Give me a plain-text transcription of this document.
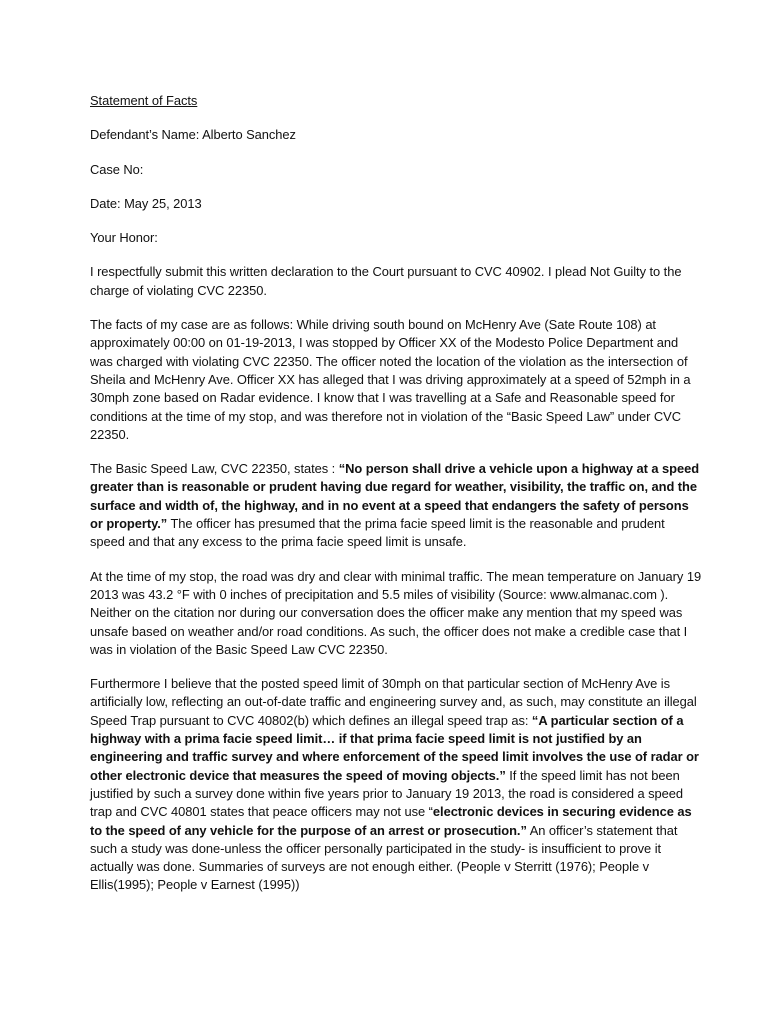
Statement of Facts
Defendant’s Name: Alberto Sanchez
Case No:
Date: May 25, 2013
Your Honor:

I respectfully submit this written declaration to the Court pursuant to CVC 40902. I plead Not Guilty to the charge of violating CVC 22350.

The facts of my case are as follows: While driving south bound on McHenry Ave (Sate Route 108) at approximately 00:00 on 01-19-2013, I was stopped by Officer XX of the Modesto Police Department and was charged with violating CVC 22350. The officer noted the location of the violation as the intersection of Sheila and McHenry Ave. Officer XX has alleged that I was driving approximately at a speed of 52mph in a 30mph zone based on Radar evidence. I know that I was travelling at a Safe and Reasonable speed for conditions at the time of my stop, and was therefore not in violation of the “Basic Speed Law” under CVC 22350.

The Basic Speed Law, CVC 22350, states : “No person shall drive a vehicle upon a highway at a speed greater than is reasonable or prudent having due regard for weather, visibility, the traffic on, and the surface and width of, the highway, and in no event at a speed that endangers the safety of persons or property.” The officer has presumed that the prima facie speed limit is the reasonable and prudent speed and that any excess to the prima facie speed limit is unsafe.

At the time of my stop, the road was dry and clear with minimal traffic. The mean temperature on January 19 2013 was 43.2 °F with 0 inches of precipitation and 5.5 miles of visibility (Source: www.almanac.com ). Neither on the citation nor during our conversation does the officer make any mention that my speed was unsafe based on weather and/or road conditions. As such, the officer does not make a credible case that I was in violation of the Basic Speed Law CVC 22350.

Furthermore I believe that the posted speed limit of 30mph on that particular section of McHenry Ave is artificially low, reflecting an out-of-date traffic and engineering survey and, as such, may constitute an illegal Speed Trap pursuant to CVC 40802(b) which defines an illegal speed trap as: “A particular section of a highway with a prima facie speed limit… if that prima facie speed limit is not justified by an engineering and traffic survey and where enforcement of the speed limit involves the use of radar or other electronic device that measures the speed of moving objects.” If the speed limit has not been justified by such a survey done within five years prior to January 19 2013, the road is considered a speed trap and CVC 40801 states that peace officers may not use “electronic devices in securing evidence as to the speed of any vehicle for the purpose of an arrest or prosecution.” An officer’s statement that such a study was done-unless the officer personally participated in the study- is insufficient to prove it actually was done. Summaries of surveys are not enough either. (People v Sterritt (1976); People v Ellis(1995); People v Earnest (1995))
